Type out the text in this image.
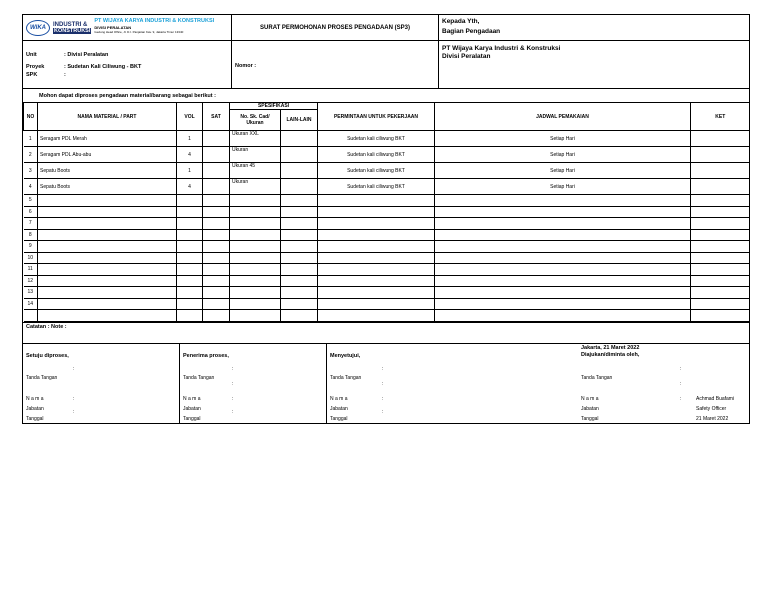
WIKA	INDUSTRI &
KONSTRUKSI
PT WIJAYA KARYA INDUSTRI & KONSTRUKSI
DIVISI PERALATAN
Gedung Head Office, Jl. D.I. Panjaitan Kav. 9, Jakarta Timur 13340
Unit	: Divisi Peralatan
Proyek	: Sudetan Kali Ciliwung - BKT
SPK	:
SURAT PERMOHONAN PROSES PENGADAAN (SP3)
Nomor :
Kepada Yth,
Bagian Pengadaan
PT Wijaya Karya Industri & Konstruksi
Divisi Peralatan
Mohon dapat diproses pengadaan material/barang sebagai berikut :
NO	NAMA MATERIAL / PART	VOL	SAT	SPESIFIKASI		PERMINTAAN UNTUK PEKERJAAN	JADWAL PEMAKAIAN	KET
				No. Sk. Cad/ Ukuran	LAIN-LAIN			
1	Seragam PDL Merah	1		Ukuran XXL		Sudetan kali ciliwung BKT	Setiap Hari	
2	Seragam PDL Abu-abu	4		Ukuran		Sudetan kali ciliwung BKT	Setiap Hari	
3	Sepatu Boots	1		Ukuran 45		Sudetan kali ciliwung BKT	Setiap Hari	
4	Sepatu Boots	4		Ukuran		Sudetan kali ciliwung BKT	Setiap Hari	
5								
6								
7								
8								
9								
10								
11								
12								
13								
14								

Catatan : Note :
Setuju diproses,
:
Tanda Tangan
N a m a	:
Jabatan	:
Tanggal
Penerima proses,
:
Tanda Tangan
:
N a m a	:
Jabatan	:
Tanggal
Menyetujui,
:
Tanda Tangan
:
N a m a	:
Jabatan	:
Tanggal
Jakarta, 21 Maret 2022
Diajukan/diminta oleh,
:
Tanda Tangan
:
N a m a	:	Achmad Buafami
Jabatan	Safety Officer
Tanggal	21 Maret 2022
